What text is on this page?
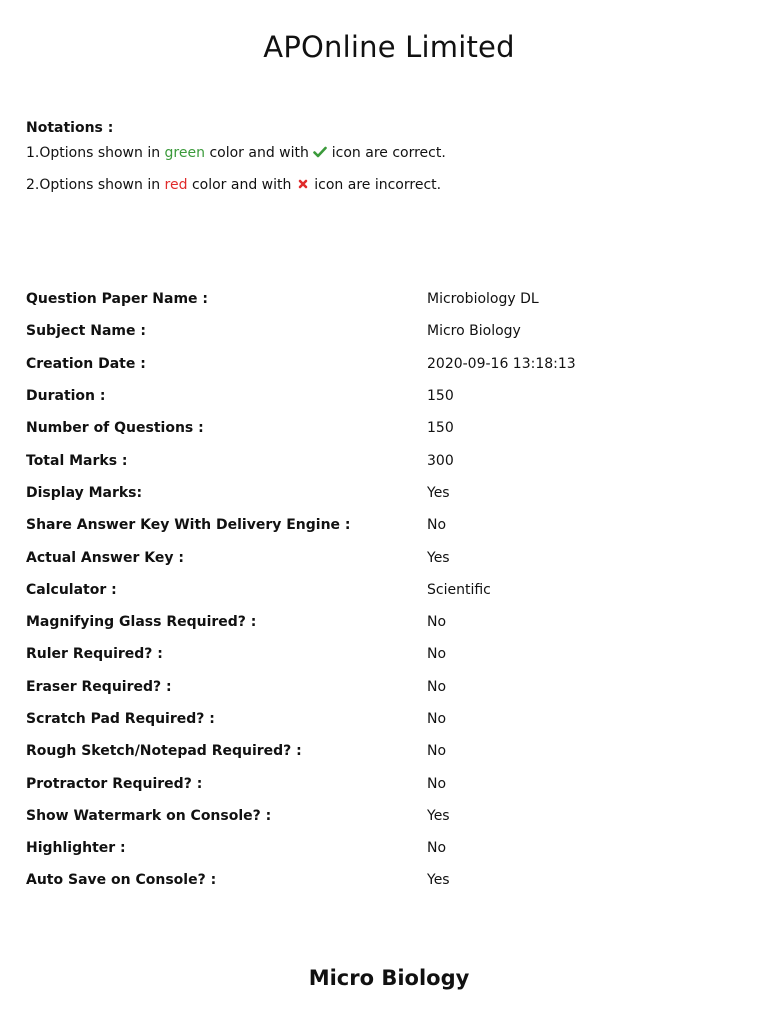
APOnline Limited
Notations :
1.Options shown in green color and with icon are correct.
2.Options shown in red color and with icon are incorrect.
Question Paper Name :	Microbiology DL
Subject Name :	Micro Biology
Creation Date :	2020-09-16 13:18:13
Duration :	150
Number of Questions :	150
Total Marks :	300
Display Marks:	Yes
Share Answer Key With Delivery Engine :	No
Actual Answer Key :	Yes
Calculator :	Scientific
Magnifying Glass Required? :	No
Ruler Required? :	No
Eraser Required? :	No
Scratch Pad Required? :	No
Rough Sketch/Notepad Required? :	No
Protractor Required? :	No
Show Watermark on Console? :	Yes
Highlighter :	No
Auto Save on Console? :	Yes
Micro Biology
